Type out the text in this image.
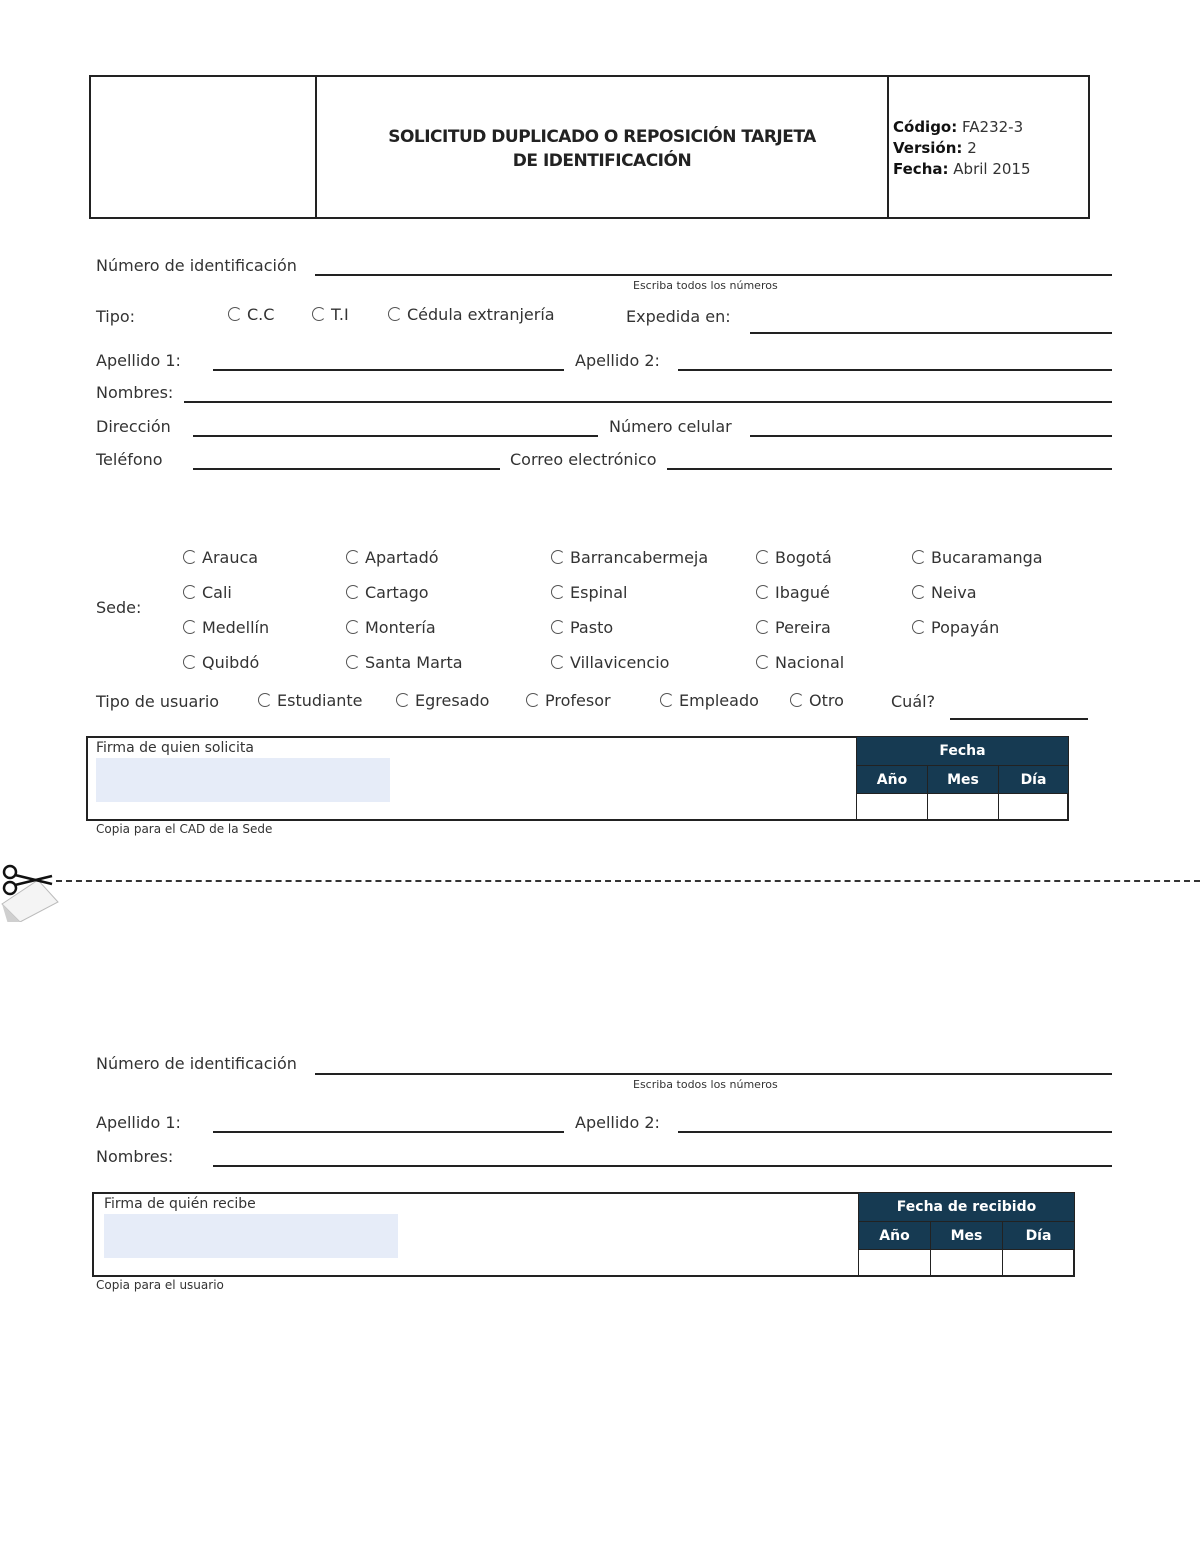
SOLICITUD DUPLICADO O REPOSICIÓN TARJETA
DE IDENTIFICACIÓN
Código: FA232-3
Versión: 2
Fecha: Abril 2015
Número de identificación
Escriba todos los números
Tipo:	C.C	T.I	Cédula extranjería	Expedida en:
Apellido 1:	Apellido 2:
Nombres:
Dirección	Número celular
Teléfono	Correo electrónico
Sede:
Arauca	Apartadó	Barrancabermeja	Bogotá	Bucaramanga
Cali	Cartago	Espinal	Ibagué	Neiva
Medellín	Montería	Pasto	Pereira	Popayán
Quibdó	Santa Marta	Villavicencio	Nacional
Tipo de usuario	Estudiante	Egresado	Profesor	Empleado	Otro	Cuál?
Firma de quien solicita	Fecha		
Año	Mes	Día

Copia para el CAD de la Sede
Número de identificación
Escriba todos los números
Apellido 1:	Apellido 2:
Nombres:
Firma de quién recibe	Fecha de recibido		
Año	Mes	Día

Copia para el usuario
